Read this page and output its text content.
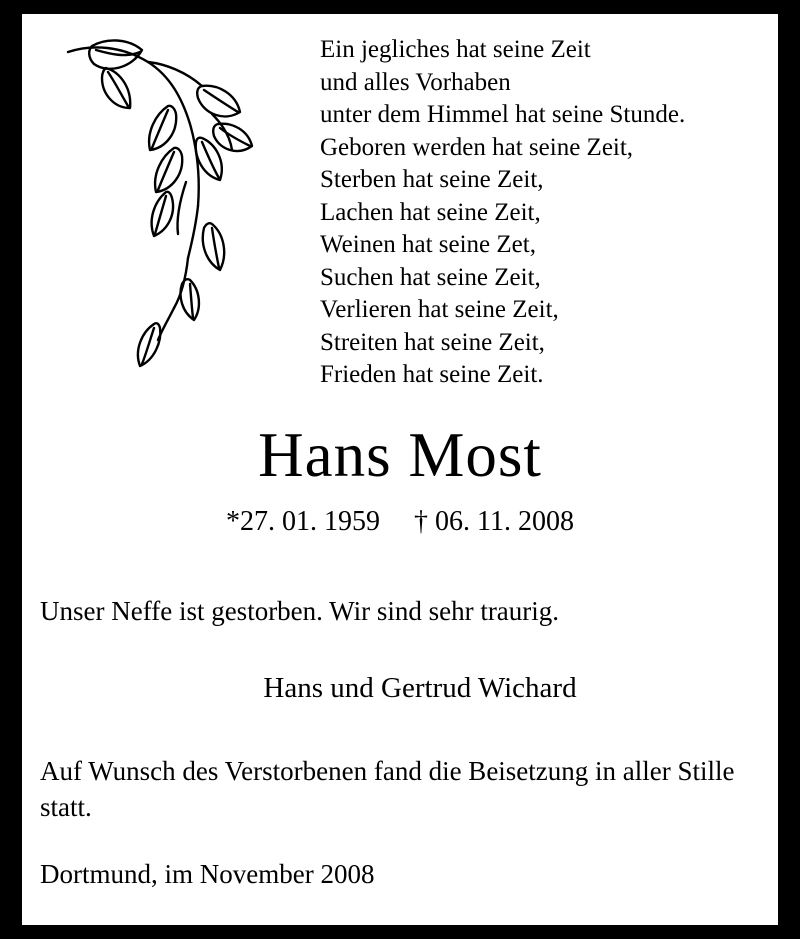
Ein jegliches hat seine Zeit
und alles Vorhaben
unter dem Himmel hat seine Stunde.
Geboren werden hat seine Zeit,
Sterben hat seine Zeit,
Lachen hat seine Zeit,
Weinen hat seine Zet,
Suchen hat seine Zeit,
Verlieren hat seine Zeit,
Streiten hat seine Zeit,
Frieden hat seine Zeit.
Hans Most
*27. 01. 1959 † 06. 11. 2008
Unser Neffe ist gestorben. Wir sind sehr traurig.
Hans und Gertrud Wichard
Auf Wunsch des Verstorbenen fand die Beisetzung in aller Stille statt.
Dortmund, im November 2008
